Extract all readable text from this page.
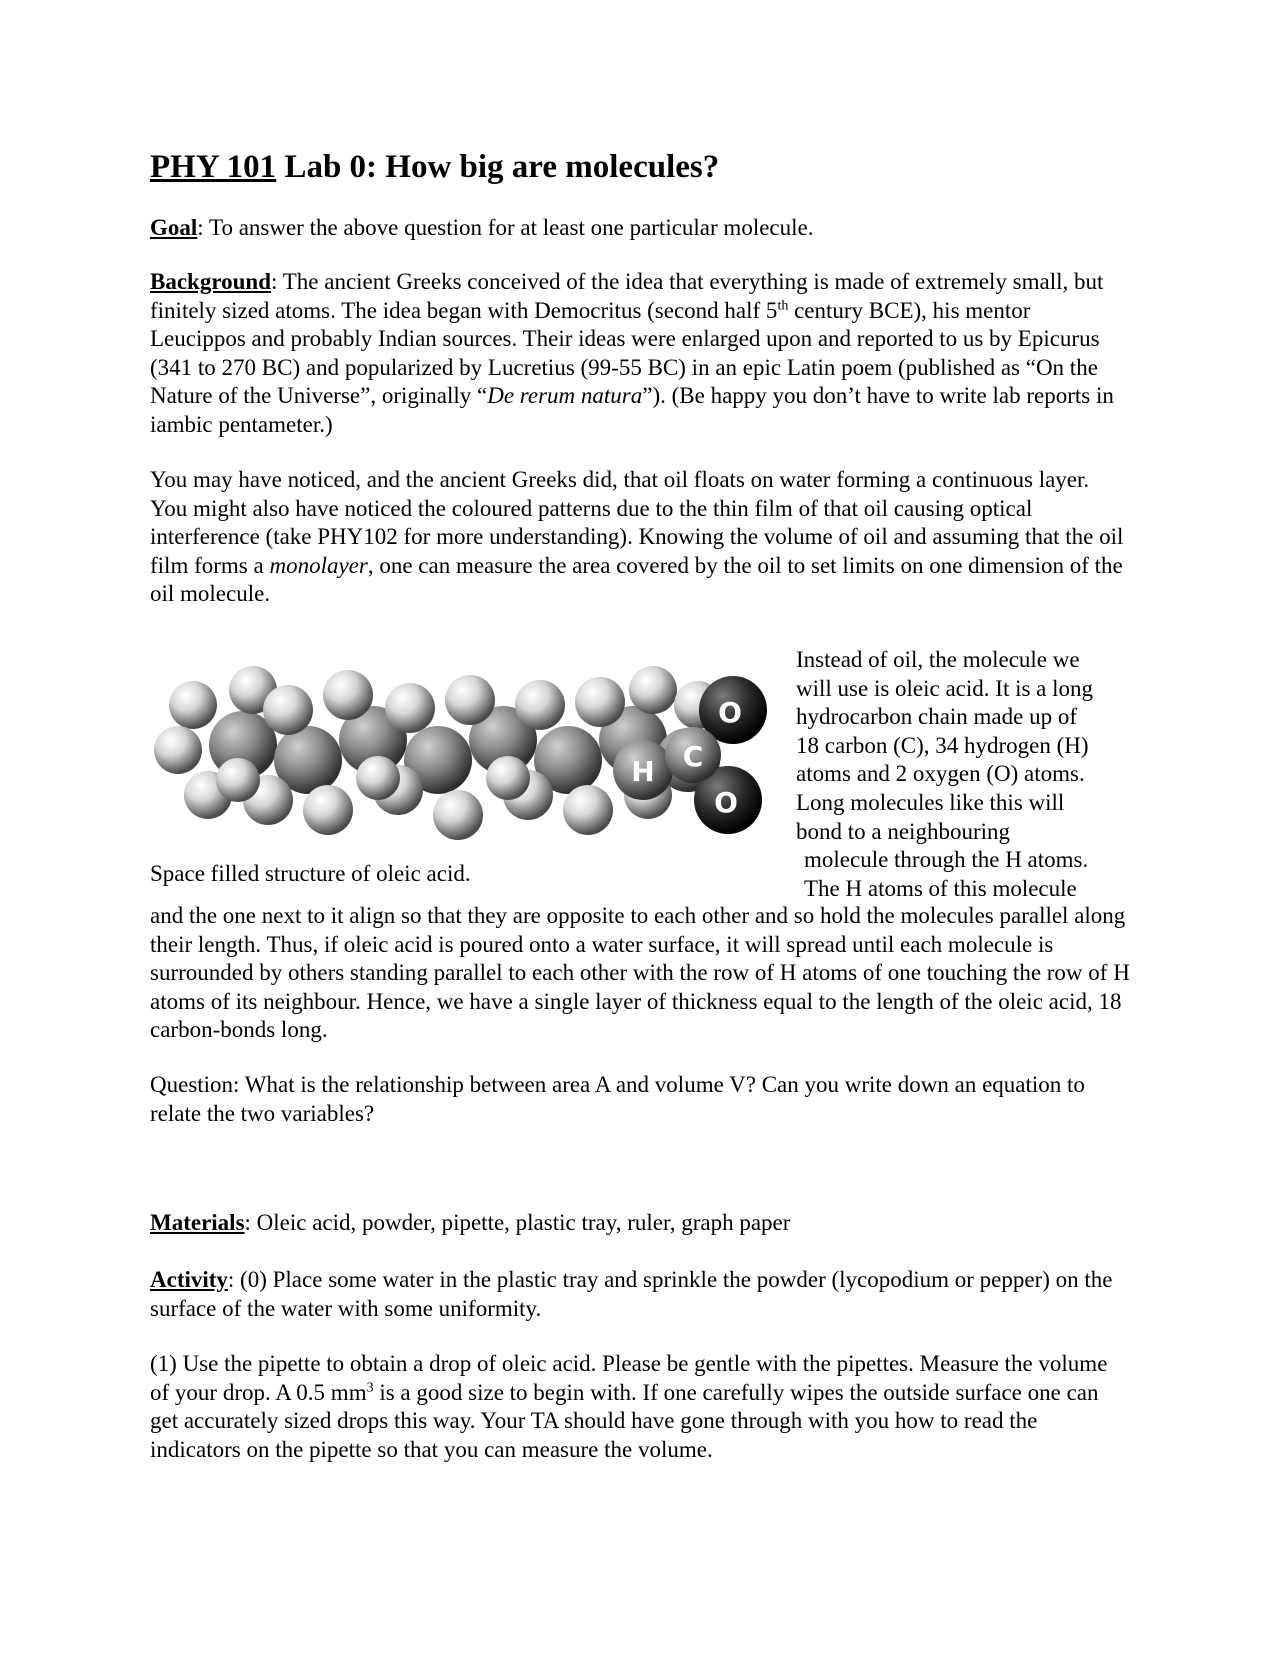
PHY 101 Lab 0: How big are molecules?

Goal: To answer the above question for at least one particular molecule.

Background: The ancient Greeks conceived of the idea that everything is made of extremely small, but finitely sized atoms. The idea began with Democritus (second half 5th century BCE), his mentor Leucippos and probably Indian sources. Their ideas were enlarged upon and reported to us by Epicurus (341 to 270 BC) and popularized by Lucretius (99-55 BC) in an epic Latin poem (published as “On the Nature of the Universe”, originally “De rerum natura”). (Be happy you don’t have to write lab reports in iambic pentameter.)

You may have noticed, and the ancient Greeks did, that oil floats on water forming a continuous layer. You might also have noticed the coloured patterns due to the thin film of that oil causing optical interference (take PHY102 for more understanding). Knowing the volume of oil and assuming that the oil film forms a monolayer, one can measure the area covered by the oil to set limits on one dimension of the oil molecule.

O
C
H
O

Space filled structure of oleic acid.

Instead of oil, the molecule we
will use is oleic acid. It is a long
hydrocarbon chain made up of
18 carbon (C), 34 hydrogen (H)
atoms and 2 oxygen (O) atoms.
Long molecules like this will
bond to a neighbouring
molecule through the H atoms.
The H atoms of this molecule

and the one next to it align so that they are opposite to each other and so hold the molecules parallel along their length. Thus, if oleic acid is poured onto a water surface, it will spread until each molecule is surrounded by others standing parallel to each other with the row of H atoms of one touching the row of H atoms of its neighbour. Hence, we have a single layer of thickness equal to the length of the oleic acid, 18 carbon-bonds long.

Question: What is the relationship between area A and volume V? Can you write down an equation to relate the two variables?

Materials: Oleic acid, powder, pipette, plastic tray, ruler, graph paper

Activity: (0) Place some water in the plastic tray and sprinkle the powder (lycopodium or pepper) on the surface of the water with some uniformity.

(1) Use the pipette to obtain a drop of oleic acid. Please be gentle with the pipettes. Measure the volume of your drop. A 0.5 $mm^3$ is a good size to begin with. If one carefully wipes the outside surface one can get accurately sized drops this way. Your TA should have gone through with you how to read the indicators on the pipette so that you can measure the volume.
